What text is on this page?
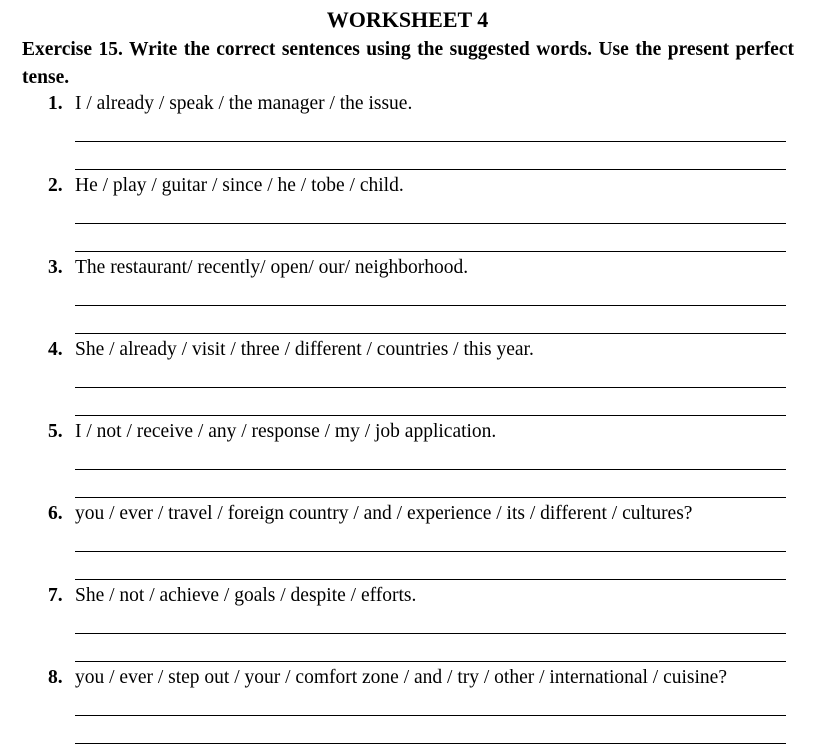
WORKSHEET 4
Exercise 15. Write the correct sentences using the suggested words. Use the present perfect tense.
1. I / already / speak / the manager / the issue.
2. He / play / guitar / since / he / tobe / child.
3. The restaurant/ recently/ open/ our/ neighborhood.
4. She / already / visit / three / different / countries / this year.
5. I / not / receive / any / response / my / job application.
6. you / ever / travel / foreign country / and / experience / its / different / cultures?
7. She / not / achieve / goals / despite / efforts.
8. you / ever / step out / your / comfort zone / and / try / other / international / cuisine?
